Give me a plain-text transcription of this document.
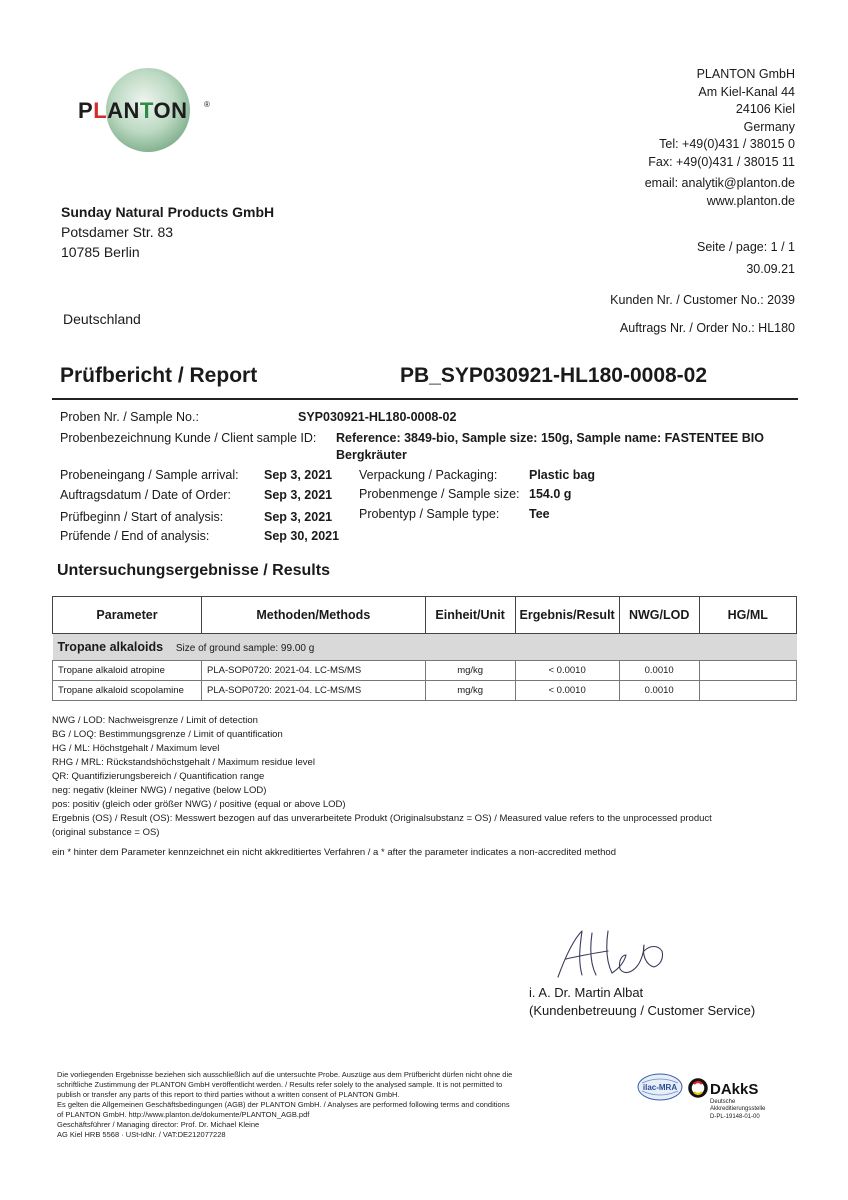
PLANTON ®
PLANTON GmbH
Am Kiel-Kanal 44
24106 Kiel
Germany
Tel: +49(0)431 / 38015 0
Fax: +49(0)431 / 38015 11
email: analytik@planton.de
www.planton.de
Sunday Natural Products GmbH
Potsdamer Str. 83
10785 Berlin
Deutschland
Seite / page: 1 / 1
30.09.21
Kunden Nr. / Customer No.: 2039
Auftrags Nr. / Order No.: HL180
Prüfbericht / Report	PB_SYP030921-HL180-0008-02
Proben Nr. / Sample No.:	SYP030921-HL180-0008-02
Probenbezeichnung Kunde / Client sample ID: Reference: 3849-bio, Sample size: 150g, Sample name: FASTENTEE BIO
Bergkräuter
Probeneingang / Sample arrival: Sep 3, 2021
Auftragsdatum / Date of Order:	Sep 3, 2021
Prüfbeginn / Start of analysis:	Sep 3, 2021
Prüfende / End of analysis:	Sep 30, 2021
Verpackung / Packaging:	Plastic bag
Probenmenge / Sample size: 154.0 g
Probentyp / Sample type: Tee
Untersuchungsergebnisse / Results
Parameter	Methoden/Methods	Einheit/Unit	Ergebnis/Result	NWG/LOD	HG/ML
Tropane alkaloids Size of ground sample: 99.00 g					
Tropane alkaloid atropine	PLA-SOP0720: 2021-04. LC-MS/MS	mg/kg	< 0.0010	0.0010	
Tropane alkaloid scopolamine	PLA-SOP0720: 2021-04. LC-MS/MS	mg/kg	< 0.0010	0.0010	
NWG / LOD: Nachweisgrenze / Limit of detection
BG / LOQ: Bestimmungsgrenze / Limit of quantification
HG / ML: Höchstgehalt / Maximum level
RHG / MRL: Rückstandshöchstgehalt / Maximum residue level
QR: Quantifizierungsbereich / Quantification range
neg: negativ (kleiner NWG) / negative (below LOD)
pos: positiv (gleich oder größer NWG) / positive (equal or above LOD)
Ergebnis (OS) / Result (OS): Messwert bezogen auf das unverarbeitete Produkt (Originalsubstanz = OS) / Measured value refers to the unprocessed product
(original substance = OS)
ein * hinter dem Parameter kennzeichnet ein nicht akkreditiertes Verfahren / a * after the parameter indicates a non-accredited method
i. A. Dr. Martin Albat
(Kundenbetreuung / Customer Service)
Die vorliegenden Ergebnisse beziehen sich ausschließlich auf die untersuchte Probe. Auszüge aus dem Prüfbericht dürfen nicht ohne die
schriftliche Zustimmung der PLANTON GmbH veröffentlicht werden. / Results refer solely to the analysed sample. It is not permitted to
publish or transfer any parts of this report to third parties without a written consent of PLANTON GmbH.
Es gelten die Allgemeinen Geschäftsbedingungen (AGB) der PLANTON GmbH. / Analyses are performed following terms and conditions
of PLANTON GmbH. http://www.planton.de/dokumente/PLANTON_AGB.pdf
Geschäftsführer / Managing director: Prof. Dr. Michael Kleine
AG Kiel HRB 5568 · USt-IdNr. / VAT:DE212077228
ilac-MRA DAkkS
Deutsche
Akkreditierungsstelle
D-PL-19148-01-00
